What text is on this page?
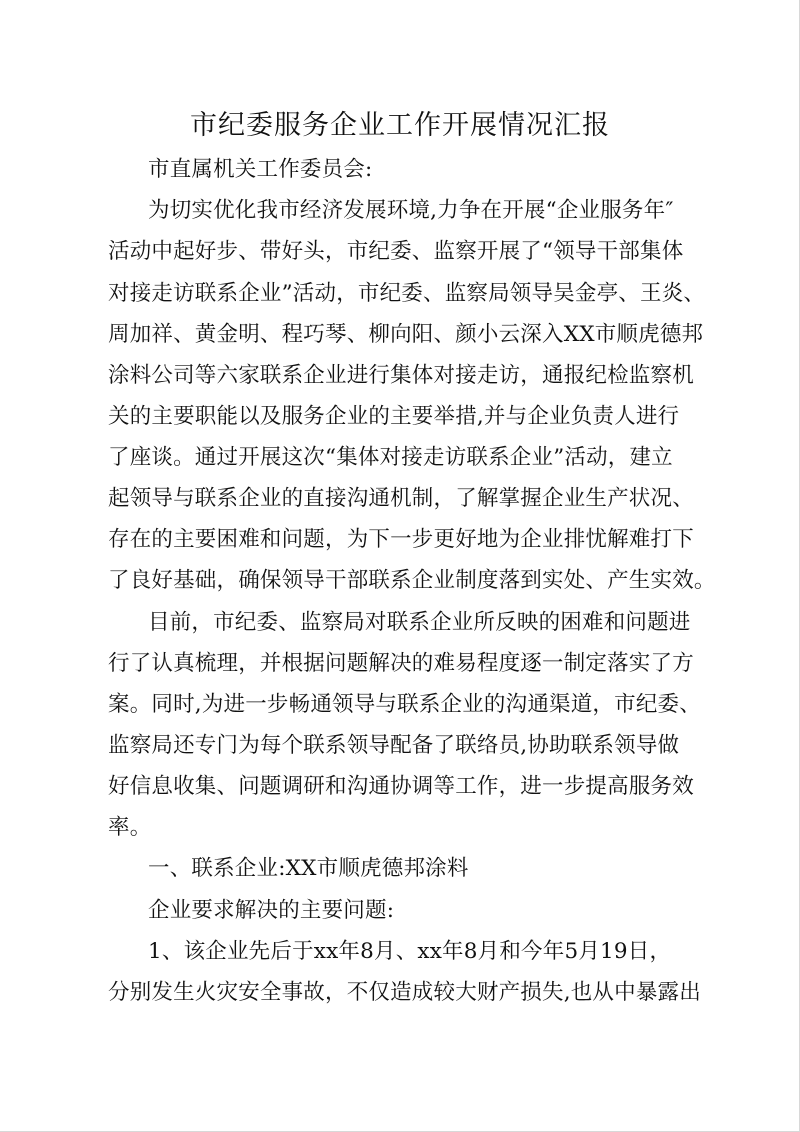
市纪委服务企业工作开展情况汇报
市直属机关工作委员会:
为切实优化我市经济发展环境,力争在开展“企业服务年″
活动中起好步、带好头，市纪委、监察开展了“领导干部集体
对接走访联系企业”活动，市纪委、监察局领导吴金亭、王炎、
周加祥、黄金明、程巧琴、柳向阳、颜小云深入XX市顺虎德邦
涂料公司等六家联系企业进行集体对接走访，通报纪检监察机
关的主要职能以及服务企业的主要举措,并与企业负责人进行
了座谈。通过开展这次“集体对接走访联系企业”活动，建立
起领导与联系企业的直接沟通机制，了解掌握企业生产状况、
存在的主要困难和问题，为下一步更好地为企业排忧解难打下
了良好基础，确保领导干部联系企业制度落到实处、产生实效。
目前，市纪委、监察局对联系企业所反映的困难和问题进
行了认真梳理，并根据问题解决的难易程度逐一制定落实了方
案。同时,为进一步畅通领导与联系企业的沟通渠道，市纪委、
监察局还专门为每个联系领导配备了联络员,协助联系领导做
好信息收集、问题调研和沟通协调等工作，进一步提高服务效
率。
一、联系企业:XX市顺虎德邦涂料
企业要求解决的主要问题:
1、该企业先后于xx年8月、xx年8月和今年5月19日，
分别发生火灾安全事故，不仅造成较大财产损失,也从中暴露出
